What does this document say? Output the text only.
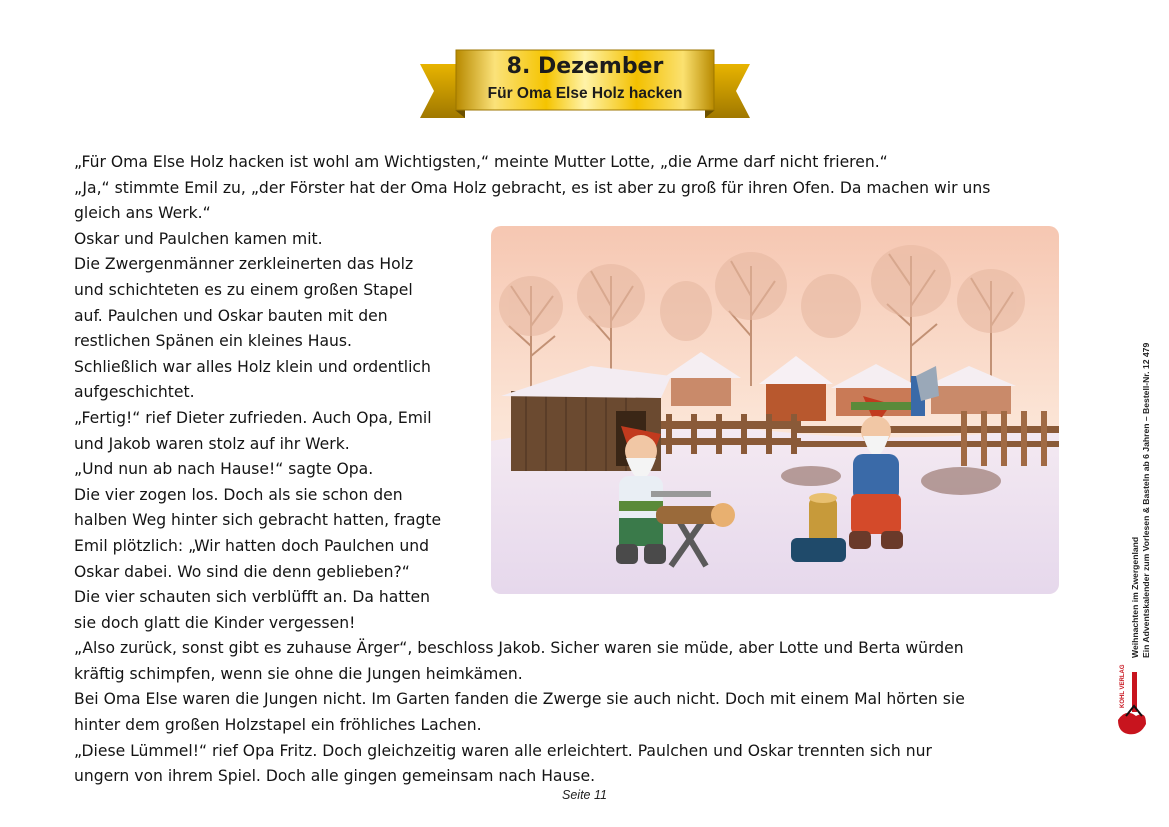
8. Dezember
Für Oma Else Holz hacken
„Für Oma Else Holz hacken ist wohl am Wichtigsten,“ meinte Mutter Lotte, „die Arme darf nicht frieren.“
„Ja,“ stimmte Emil zu, „der Förster hat der Oma Holz gebracht, es ist aber zu groß für ihren Ofen. Da machen wir uns
gleich ans Werk.“
Oskar und Paulchen kamen mit.
Die Zwergenmänner zerkleinerten das Holz
und schichteten es zu einem großen Stapel
auf. Paulchen und Oskar bauten mit den
restlichen Spänen ein kleines Haus.
Schließlich war alles Holz klein und ordentlich
aufgeschichtet.
„Fertig!“ rief Dieter zufrieden. Auch Opa, Emil
und Jakob waren stolz auf ihr Werk.
„Und nun ab nach Hause!“ sagte Opa.
Die vier zogen los. Doch als sie schon den
halben Weg hinter sich gebracht hatten, fragte
Emil plötzlich: „Wir hatten doch Paulchen und
Oskar dabei. Wo sind die denn geblieben?“
Die vier schauten sich verblüfft an. Da hatten
sie doch glatt die Kinder vergessen!
„Also zurück, sonst gibt es zuhause Ärger“, beschloss Jakob. Sicher waren sie müde, aber Lotte und Berta würden
kräftig schimpfen, wenn sie ohne die Jungen heimkämen.
Bei Oma Else waren die Jungen nicht. Im Garten fanden die Zwerge sie auch nicht. Doch mit einem Mal hörten sie
hinter dem großen Holzstapel ein fröhliches Lachen.
„Diese Lümmel!“ rief Opa Fritz. Doch gleichzeitig waren alle erleichtert. Paulchen und Oskar trennten sich nur
ungern von ihrem Spiel. Doch alle gingen gemeinsam nach Hause.
Weihnachten im Zwergenland Ein Adventskalender zum Vorlesen & Basteln ab 6 Jahren – Bestell-Nr. 12 479
KOHL VERLAG
Seite 11
